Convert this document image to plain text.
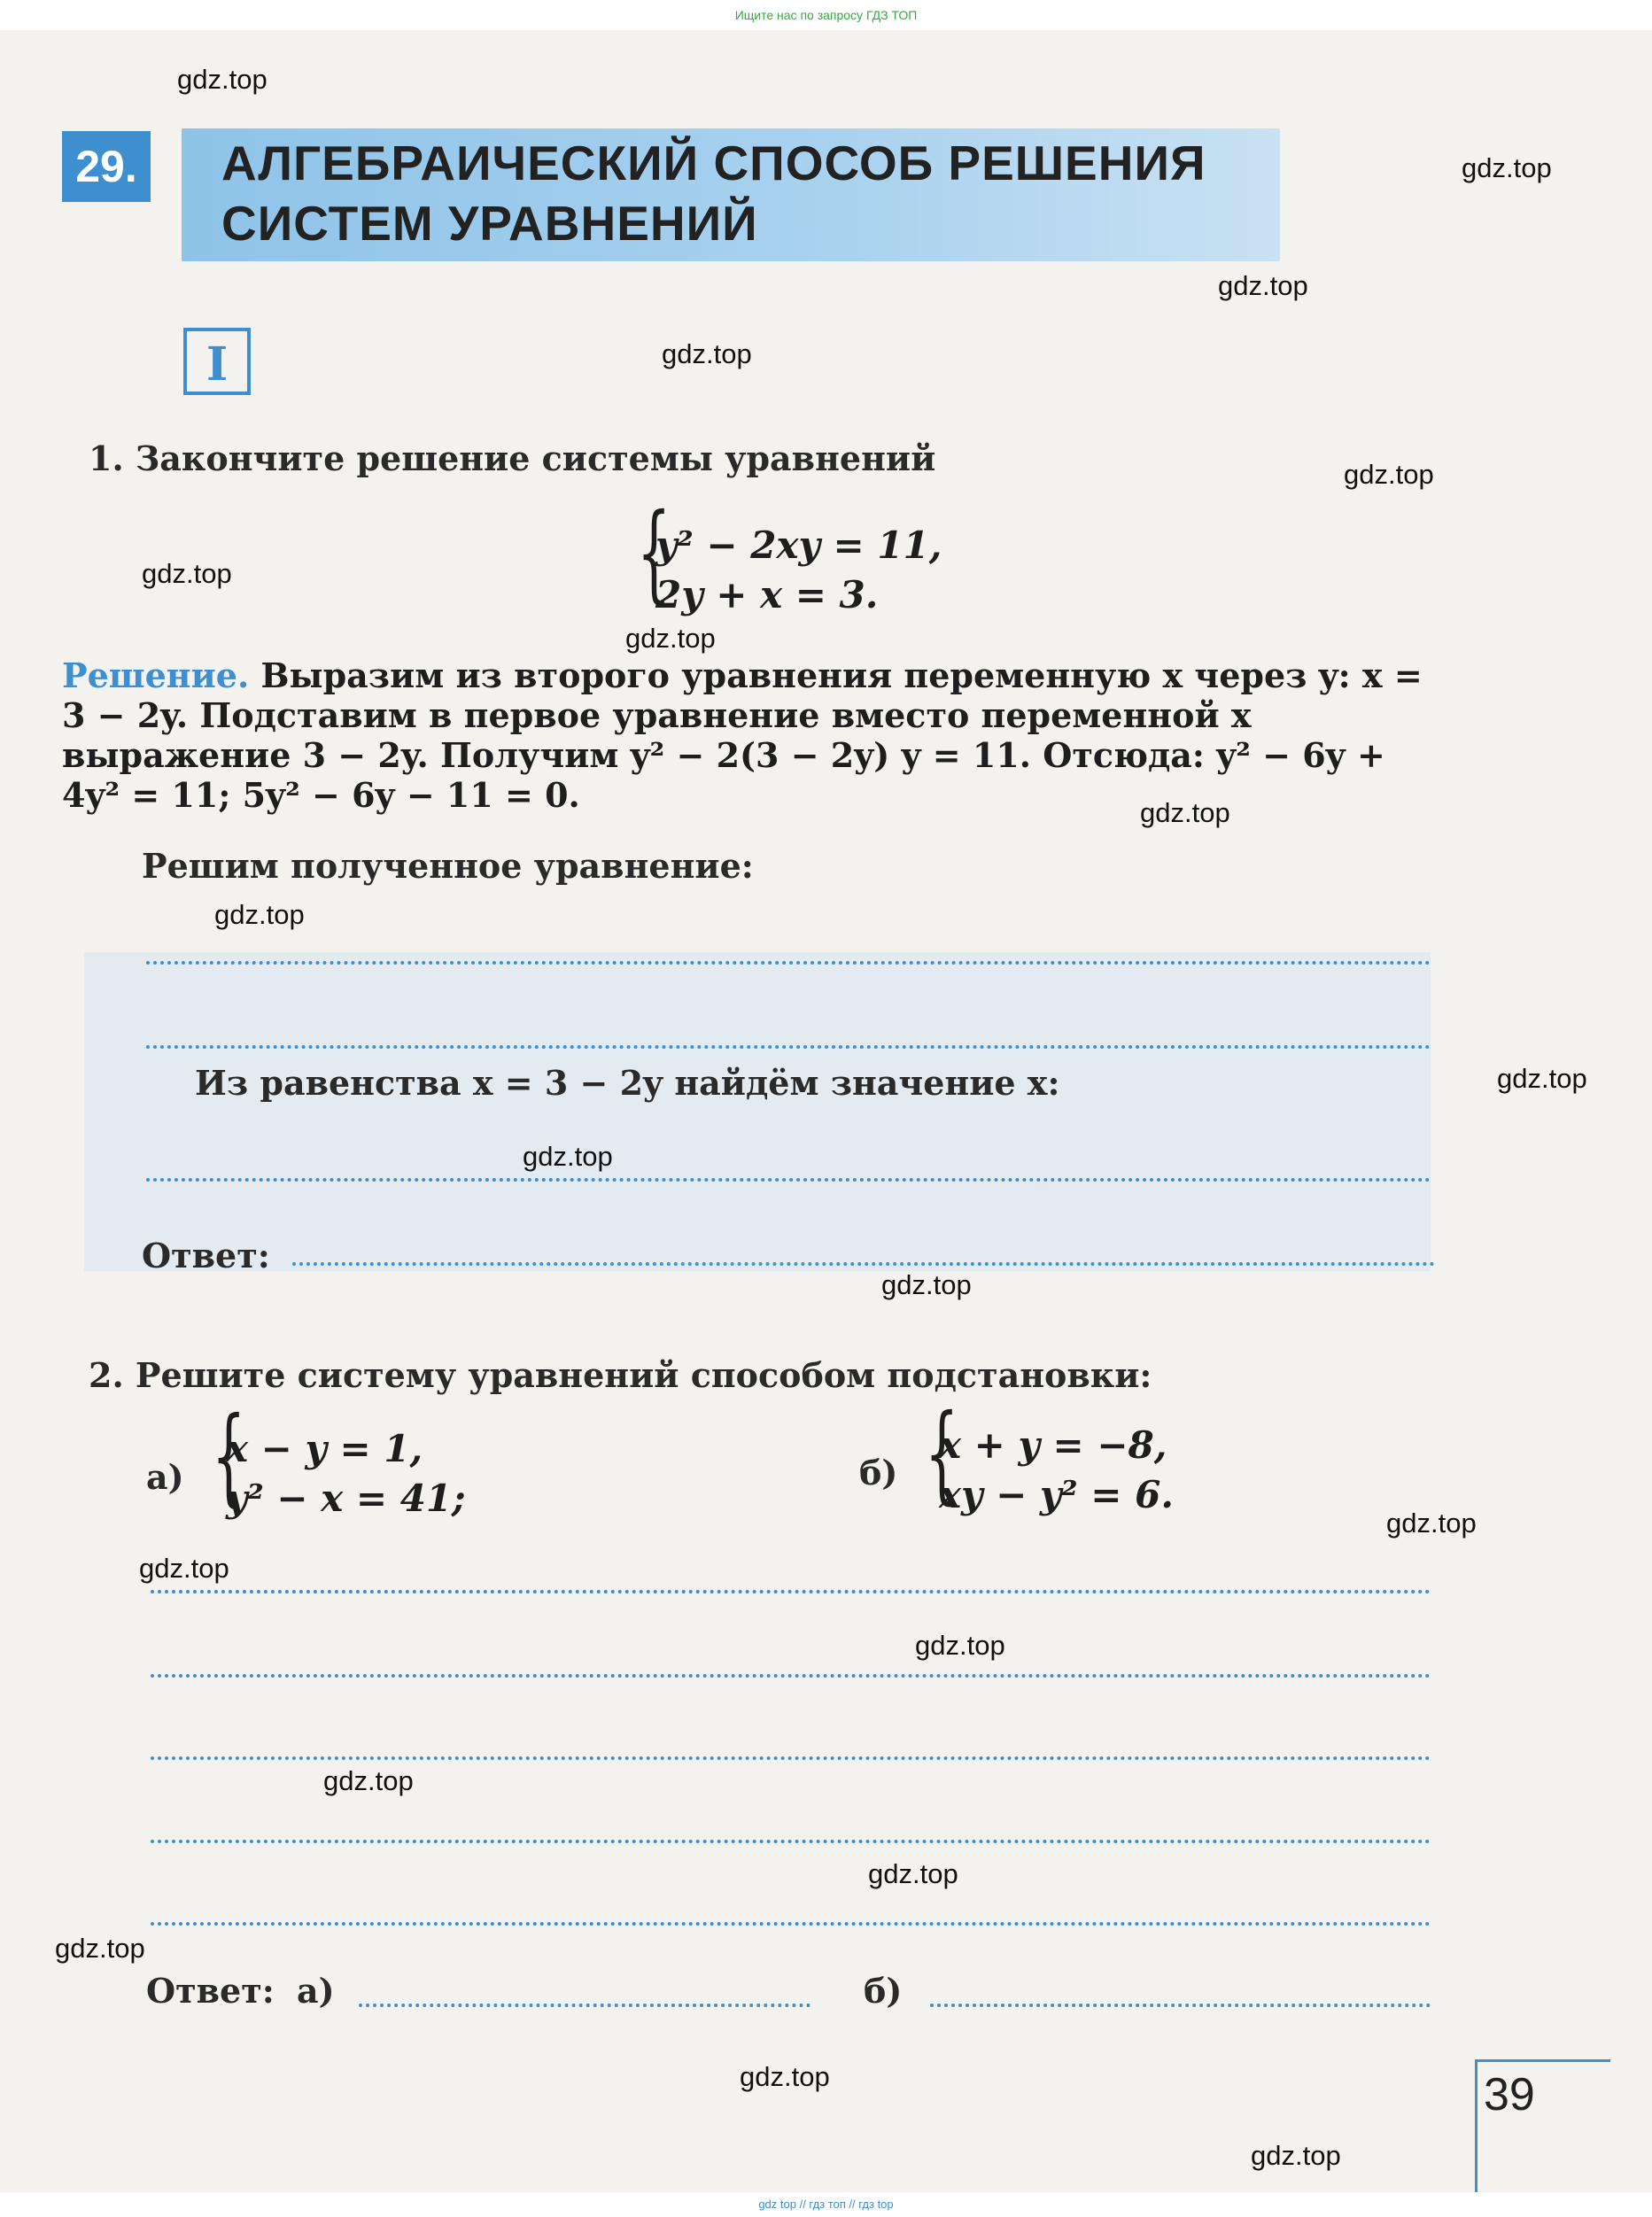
Ищите нас по запросу ГДЗ ТОП
29. АЛГЕБРАИЧЕСКИЙ СПОСОБ РЕШЕНИЯ
СИСТЕМ УРАВНЕНИЙ
I
1. Закончите решение системы уравнений
{
y² − 2xy = 11,
2y + x = 3.
Решение. Выразим из второго уравнения переменную x через y: x = 3 − 2y. Подставим в первое уравнение вместо переменной x выражение 3 − 2y. Получим y² − 2(3 − 2y) y = 11. Отсюда: y² − 6y + 4y² = 11; 5y² − 6y − 11 = 0.
Решим полученное уравнение:
Из равенства x = 3 − 2y найдём значение x:
Ответ:
2. Решите систему уравнений способом подстановки:
а) {
x − y = 1,
y² − x = 41;
б) {
x + y = −8,
xy − y² = 6.
Ответ: а)	б)
39
gdz.top
gdz.top
gdz.top
gdz.top
gdz.top
gdz.top
gdz.top
gdz.top
gdz.top
gdz.top
gdz.top
gdz.top
gdz.top
gdz.top
gdz.top
gdz.top
gdz.top
gdz.top
gdz.top
gdz.top
gdz top // гдз топ // гдз top
